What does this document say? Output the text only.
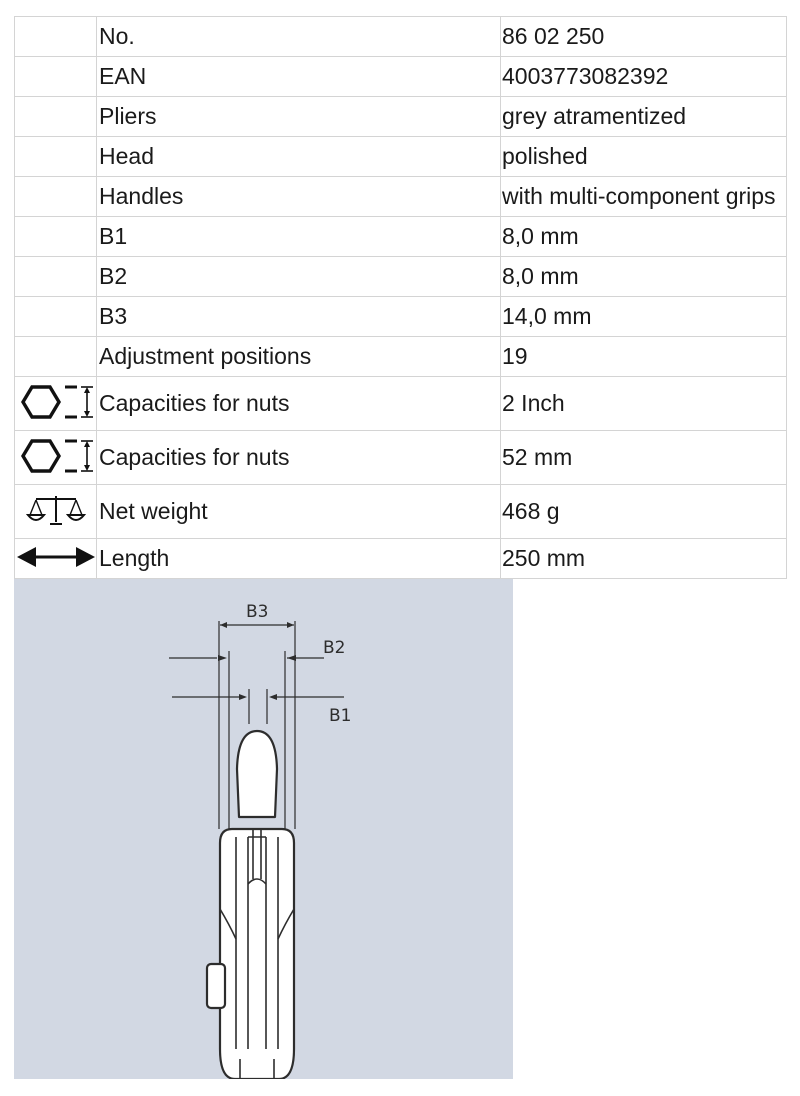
	No.	86 02 250
	EAN	4003773082392
	Pliers	grey atramentized
	Head	polished
	Handles	with multi-component grips
	B1	8,0 mm
	B2	8,0 mm
	B3	14,0 mm
	Adjustment positions	19
	Capacities for nuts	2 Inch
	Capacities for nuts	52 mm
	Net weight	468 g
	Length	250 mm
B3
B2
B1
